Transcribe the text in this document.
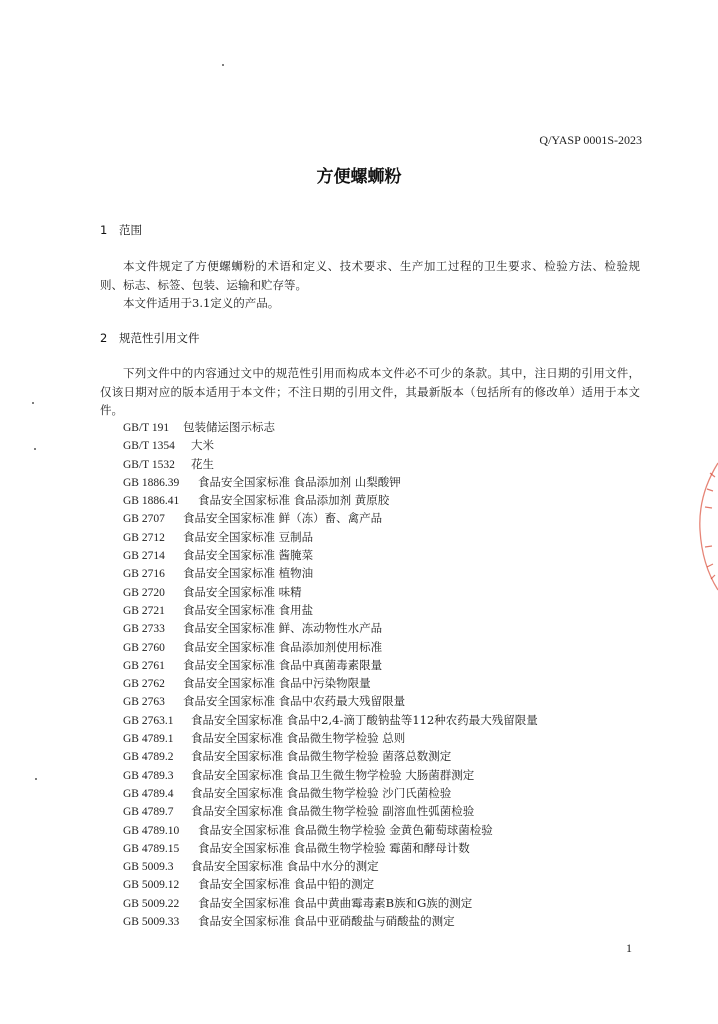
Q/YASP 0001S-2023
方便螺蛳粉
1 范围
本文件规定了方便螺蛳粉的术语和定义、技术要求、生产加工过程的卫生要求、检验方法、检验规则、标志、标签、包装、运输和贮存等。
本文件适用于3.1定义的产品。
2 规范性引用文件
下列文件中的内容通过文中的规范性引用而构成本文件必不可少的条款。其中，注日期的引用文件，仅该日期对应的版本适用于本文件；不注日期的引用文件，其最新版本（包括所有的修改单）适用于本文件。
GB/T 191 包装储运图示标志
GB/T 1354 大米
GB/T 1532 花生
GB 1886.39 食品安全国家标准 食品添加剂 山梨酸钾
GB 1886.41 食品安全国家标准 食品添加剂 黄原胶
GB 2707 食品安全国家标准 鲜（冻）畜、禽产品
GB 2712 食品安全国家标准 豆制品
GB 2714 食品安全国家标准 酱腌菜
GB 2716 食品安全国家标准 植物油
GB 2720 食品安全国家标准 味精
GB 2721 食品安全国家标准 食用盐
GB 2733 食品安全国家标准 鲜、冻动物性水产品
GB 2760 食品安全国家标准 食品添加剂使用标准
GB 2761 食品安全国家标准 食品中真菌毒素限量
GB 2762 食品安全国家标准 食品中污染物限量
GB 2763 食品安全国家标准 食品中农药最大残留限量
GB 2763.1 食品安全国家标准 食品中2,4-滴丁酸钠盐等112种农药最大残留限量
GB 4789.1 食品安全国家标准 食品微生物学检验 总则
GB 4789.2 食品安全国家标准 食品微生物学检验 菌落总数测定
GB 4789.3 食品安全国家标准 食品卫生微生物学检验 大肠菌群测定
GB 4789.4 食品安全国家标准 食品微生物学检验 沙门氏菌检验
GB 4789.7 食品安全国家标准 食品微生物学检验 副溶血性弧菌检验
GB 4789.10 食品安全国家标准 食品微生物学检验 金黄色葡萄球菌检验
GB 4789.15 食品安全国家标准 食品微生物学检验 霉菌和酵母计数
GB 5009.3 食品安全国家标准 食品中水分的测定
GB 5009.12 食品安全国家标准 食品中铅的测定
GB 5009.22 食品安全国家标准 食品中黄曲霉毒素B族和G族的测定
GB 5009.33 食品安全国家标准 食品中亚硝酸盐与硝酸盐的测定
1
